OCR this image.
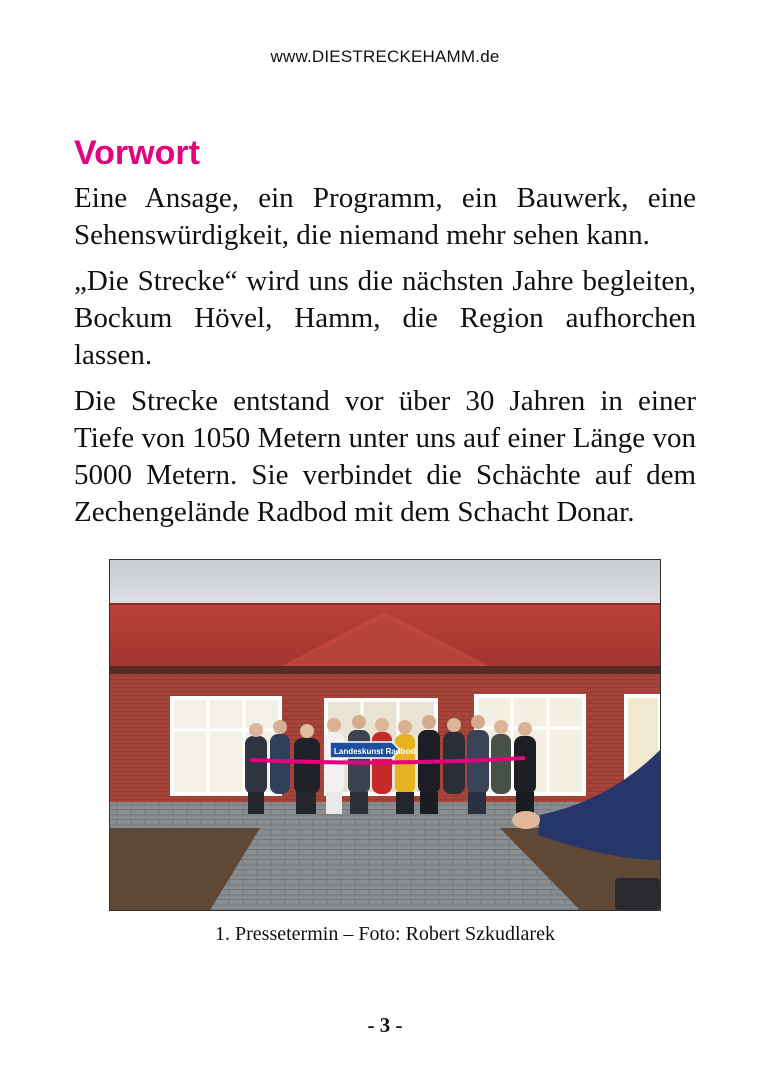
www.DIESTRECKEHAMM.de
Vorwort

Eine Ansage, ein Programm, ein Bauwerk, eine Sehenswürdigkeit, die niemand mehr sehen kann.

„Die Strecke“ wird uns die nächsten Jahre begleiten, Bockum Hövel, Hamm, die Region aufhorchen lassen.

Die Strecke entstand vor über 30 Jahren in einer Tiefe von 1050 Metern unter uns auf einer Länge von 5000 Metern. Sie verbindet die Schächte auf dem Zechengelände Radbod mit dem Schacht Donar.

Landeskunst Radbod
1. Pressetermin – Foto: Robert Szkudlarek
- 3 -
